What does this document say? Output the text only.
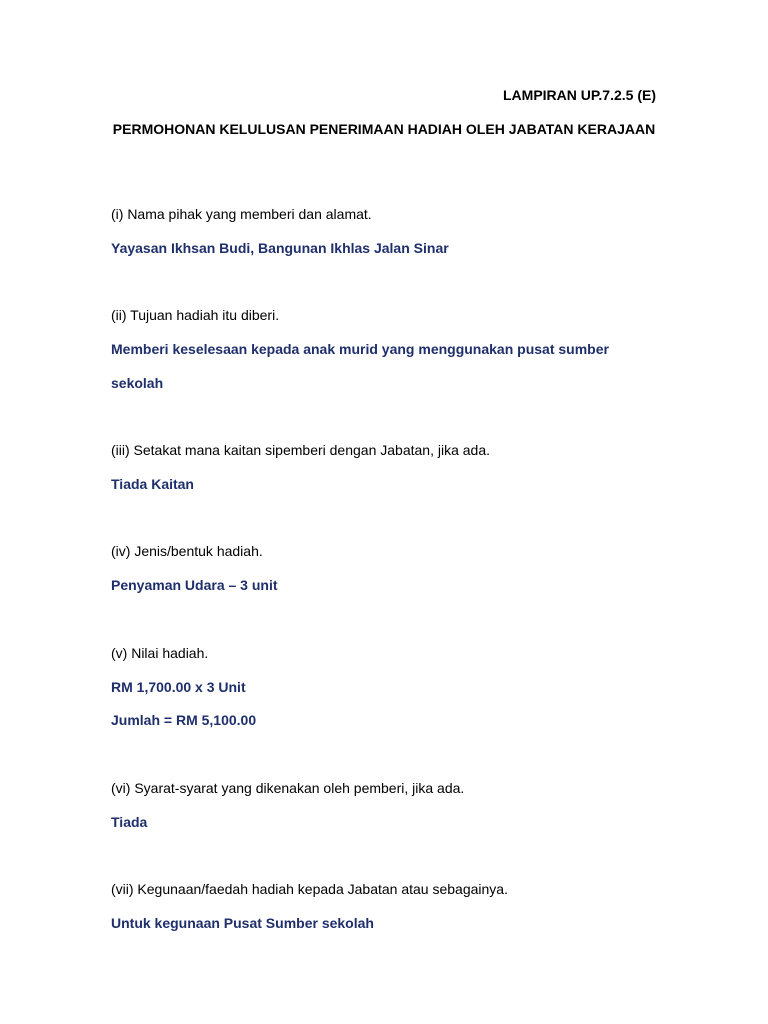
LAMPIRAN UP.7.2.5 (E)
PERMOHONAN KELULUSAN PENERIMAAN HADIAH OLEH JABATAN KERAJAAN
(i) Nama pihak yang memberi dan alamat.
Yayasan Ikhsan Budi, Bangunan Ikhlas Jalan Sinar
(ii) Tujuan hadiah itu diberi.
Memberi keselesaan kepada anak murid yang menggunakan pusat sumber
sekolah
(iii) Setakat mana kaitan sipemberi dengan Jabatan, jika ada.
Tiada Kaitan
(iv) Jenis/bentuk hadiah.
Penyaman Udara – 3 unit
(v) Nilai hadiah.
RM 1,700.00 x 3 Unit
Jumlah = RM 5,100.00
(vi) Syarat-syarat yang dikenakan oleh pemberi, jika ada.
Tiada
(vii) Kegunaan/faedah hadiah kepada Jabatan atau sebagainya.
Untuk kegunaan Pusat Sumber sekolah
